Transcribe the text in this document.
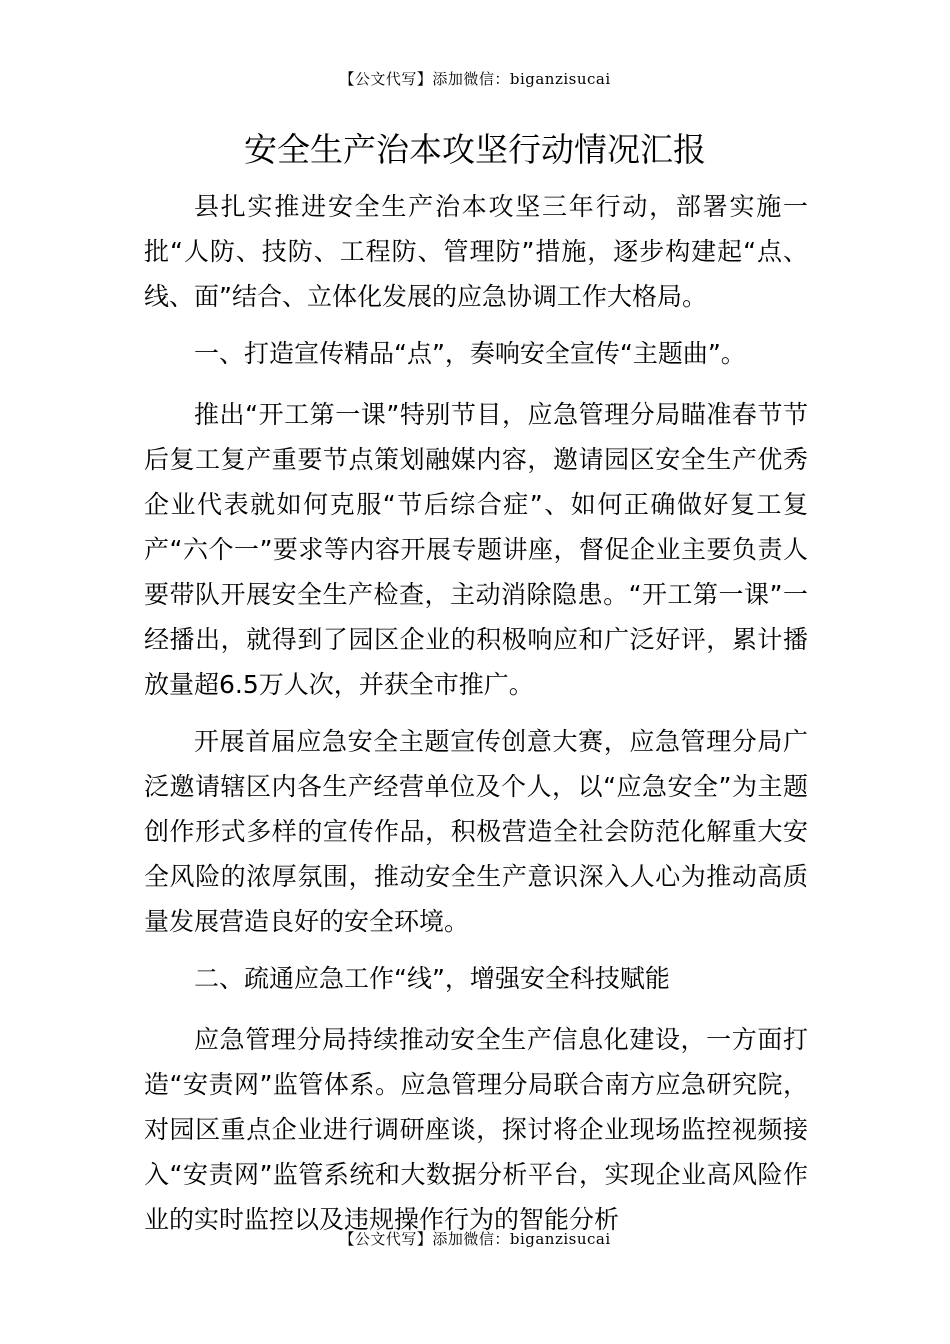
【公文代写】添加微信：biganzisucai
安全生产治本攻坚行动情况汇报

县扎实推进安全生产治本攻坚三年行动，部署实施一批“人防、技防、工程防、管理防”措施，逐步构建起“点、线、面”结合、立体化发展的应急协调工作大格局。

一、打造宣传精品“点”，奏响安全宣传“主题曲”。

推出“开工第一课”特别节目，应急管理分局瞄准春节节后复工复产重要节点策划融媒内容，邀请园区安全生产优秀企业代表就如何克服“节后综合症”、如何正确做好复工复产“六个一”要求等内容开展专题讲座，督促企业主要负责人要带队开展安全生产检查，主动消除隐患。“开工第一课”一经播出，就得到了园区企业的积极响应和广泛好评，累计播放量超6.5万人次，并获全市推广。

开展首届应急安全主题宣传创意大赛，应急管理分局广泛邀请辖区内各生产经营单位及个人，以“应急安全”为主题创作形式多样的宣传作品，积极营造全社会防范化解重大安全风险的浓厚氛围，推动安全生产意识深入人心为推动高质量发展营造良好的安全环境。

二、疏通应急工作“线”，增强安全科技赋能

应急管理分局持续推动安全生产信息化建设，一方面打造“安责网”监管体系。应急管理分局联合南方应急研究院，对园区重点企业进行调研座谈，探讨将企业现场监控视频接入“安责网”监管系统和大数据分析平台，实现企业高风险作业的实时监控以及违规操作行为的智能分析

【公文代写】添加微信：biganzisucai
